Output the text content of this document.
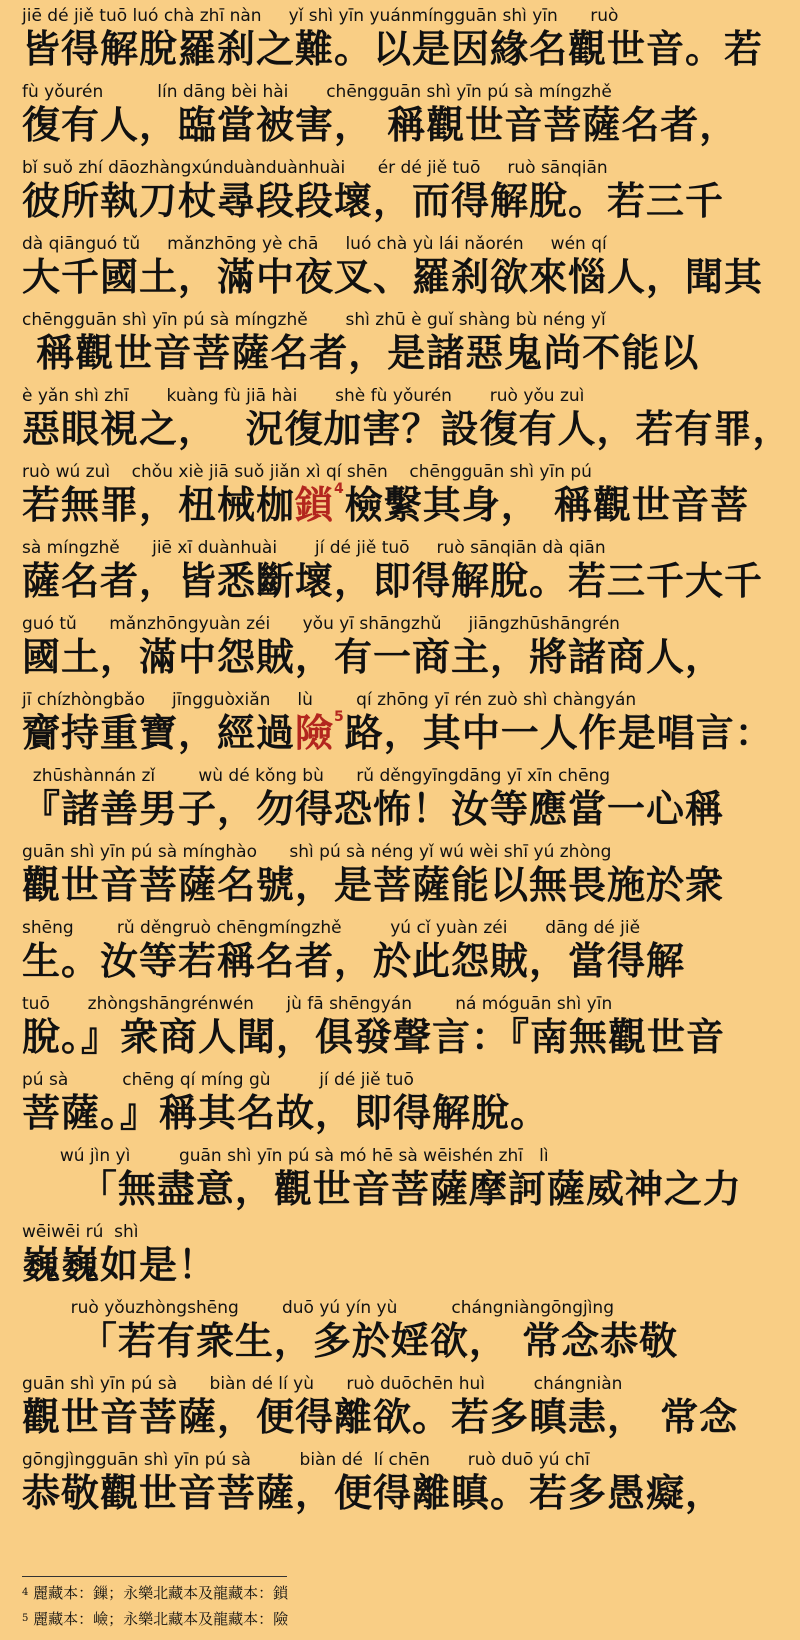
jiē dé jiě tuō luó chà zhī nàn     yǐ shì yīn yuánmíngguān shì yīn      ruò
皆得解脫羅刹之難。以是因緣名觀世音。若
fù yǒurén          lín dāng bèi hài       chēngguān shì yīn pú sà míngzhě
復有人，臨當被害， 稱觀世音菩薩名者，
bǐ suǒ zhí dāozhàngxúnduànduànhuài      ér dé jiě tuō     ruò sānqiān
彼所執刀杖尋段段壞，而得解脫。若三千
dà qiānguó tǔ     mǎnzhōng yè chā     luó chà yù lái nǎorén     wén qí
大千國土，滿中夜叉、羅刹欲來惱人，聞其
chēngguān shì yīn pú sà míngzhě       shì zhū è guǐ shàng bù néng yǐ
稱觀世音菩薩名者，是諸惡鬼尚不能以
è yǎn shì zhī       kuàng fù jiā hài       shè fù yǒurén       ruò yǒu zuì
惡眼視之，  況復加害？設復有人，若有罪，
ruò wú zuì    chǒu xiè jiā suǒ jiǎn xì qí shēn    chēngguān shì yīn pú
若無罪，杻械枷鎖$^4$檢繫其身， 稱觀世音菩
sà míngzhě      jiē xī duànhuài       jí dé jiě tuō     ruò sānqiān dà qiān
薩名者，皆悉斷壞，即得解脫。若三千大千
guó tǔ      mǎnzhōngyuàn zéi      yǒu yī shāngzhǔ     jiāngzhūshāngrén
國土，滿中怨賊，有一商主，將諸商人，
jī chízhòngbǎo     jīngguòxiǎn     lù        qí zhōng yī rén zuò shì chàngyán
齎持重寶，經過險$^5$路，其中一人作是唱言：
zhūshànnán zǐ        wù dé kǒng bù      rǔ děngyīngdāng yī xīn chēng
『諸善男子，勿得恐怖！汝等應當一心稱
guān shì yīn pú sà mínghào      shì pú sà néng yǐ wú wèi shī yú zhòng
觀世音菩薩名號，是菩薩能以無畏施於衆
shēng        rǔ děngruò chēngmíngzhě         yú cǐ yuàn zéi       dāng dé jiě
生。汝等若稱名者，於此怨賊，當得解
tuō       zhòngshāngrénwén      jù fā shēngyán        ná móguān shì yīn
脫。』衆商人聞，俱發聲言：『南無觀世音
pú sà          chēng qí míng gù         jí dé jiě tuō
菩薩。』稱其名故，即得解脫。
wú jìn yì         guān shì yīn pú sà mó hē sà wēishén zhī   lì
「無盡意，觀世音菩薩摩訶薩威神之力
wēiwēi rú  shì
巍巍如是！
ruò yǒuzhòngshēng        duō yú yín yù          chángniàngōngjìng
「若有衆生，多於婬欲， 常念恭敬
guān shì yīn pú sà      biàn dé lí yù      ruò duōchēn huì         chángniàn
觀世音菩薩，便得離欲。若多瞋恚， 常念
gōngjìngguān shì yīn pú sà         biàn dé  lí chēn       ruò duō yú chī
恭敬觀世音菩薩，便得離瞋。若多愚癡，
$^4$ 麗藏本：鏁；永樂北藏本及龍藏本：鎖
$^5$ 麗藏本：嶮；永樂北藏本及龍藏本：險
